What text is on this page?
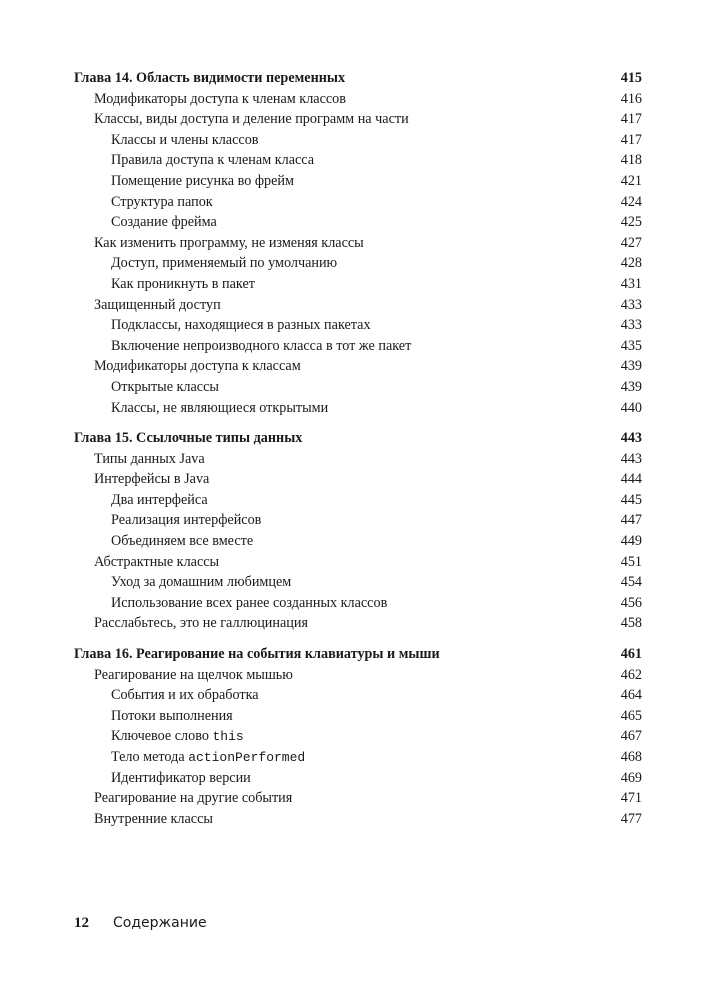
Глава 14. Область видимости переменных	415
Модификаторы доступа к членам классов	416
Классы, виды доступа и деление программ на части	417
Классы и члены классов	417
Правила доступа к членам класса	418
Помещение рисунка во фрейм	421
Структура папок	424
Создание фрейма	425
Как изменить программу, не изменяя классы	427
Доступ, применяемый по умолчанию	428
Как проникнуть в пакет	431
Защищенный доступ	433
Подклассы, находящиеся в разных пакетах	433
Включение непроизводного класса в тот же пакет	435
Модификаторы доступа к классам	439
Открытые классы	439
Классы, не являющиеся открытыми	440
Глава 15. Ссылочные типы данных	443
Типы данных Java	443
Интерфейсы в Java	444
Два интерфейса	445
Реализация интерфейсов	447
Объединяем все вместе	449
Абстрактные классы	451
Уход за домашним любимцем	454
Использование всех ранее созданных классов	456
Расслабьтесь, это не галлюцинация	458
Глава 16. Реагирование на события клавиатуры и мыши	461
Реагирование на щелчок мышью	462
События и их обработка	464
Потоки выполнения	465
Ключевое слово this	467
Тело метода actionPerformed	468
Идентификатор версии	469
Реагирование на другие события	471
Внутренние классы	477
12 Содержание
